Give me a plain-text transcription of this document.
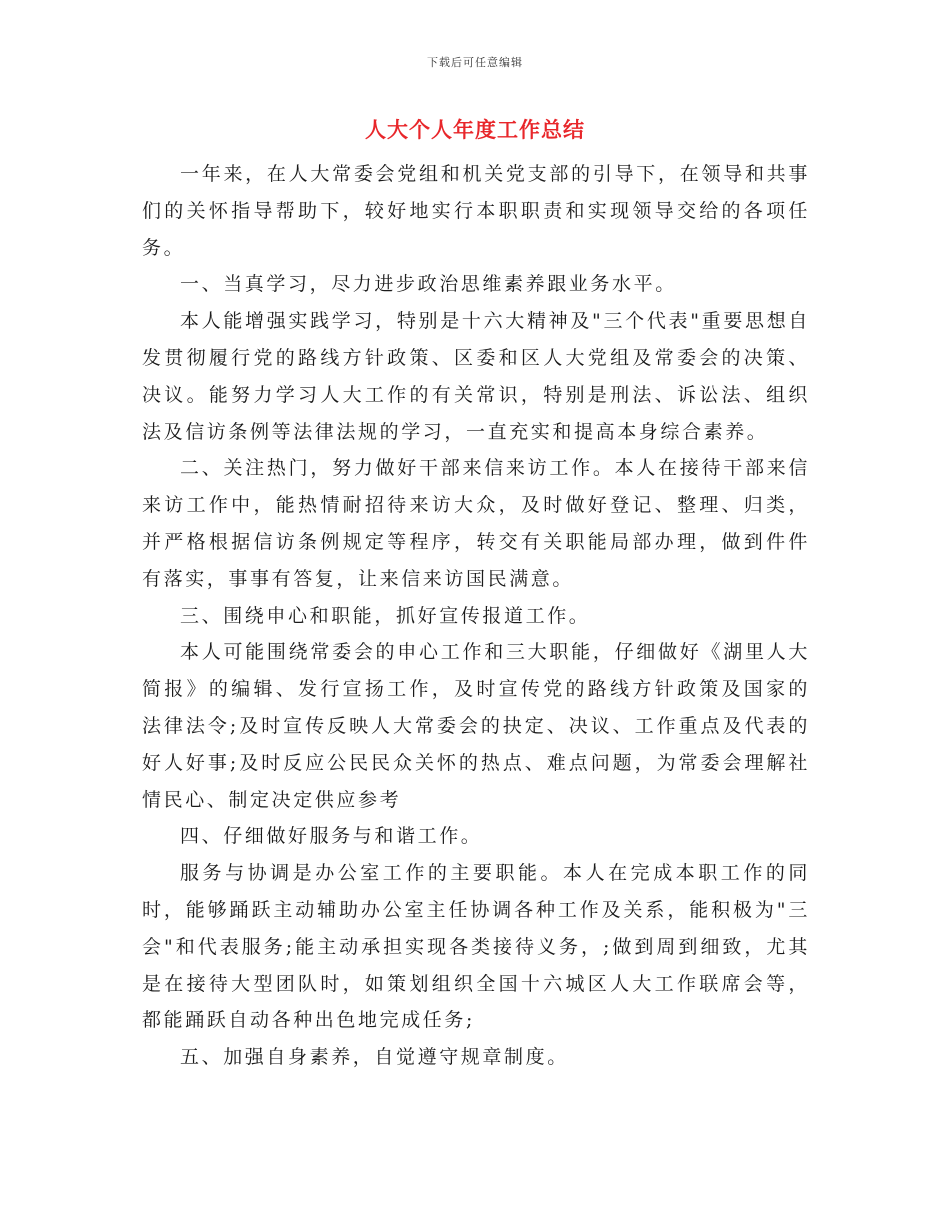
下载后可任意编辑
人大个人年度工作总结

一年来，在人大常委会党组和机关党支部的引导下，在领导和共事们的关怀指导帮助下，较好地实行本职职责和实现领导交给的各项任务。

一、当真学习，尽力进步政治思维素养跟业务水平。

本人能增强实践学习，特别是十六大精神及"三个代表"重要思想自发贯彻履行党的路线方针政策、区委和区人大党组及常委会的决策、决议。能努力学习人大工作的有关常识，特别是刑法、诉讼法、组织法及信访条例等法律法规的学习，一直充实和提高本身综合素养。

二、关注热门，努力做好干部来信来访工作。本人在接待干部来信来访工作中，能热情耐招待来访大众，及时做好登记、整理、归类，并严格根据信访条例规定等程序，转交有关职能局部办理，做到件件有落实，事事有答复，让来信来访国民满意。

三、围绕申心和职能，抓好宣传报道工作。

本人可能围绕常委会的申心工作和三大职能，仔细做好《湖里人大简报》的编辑、发行宣扬工作，及时宣传党的路线方针政策及国家的法律法令;及时宣传反映人大常委会的抉定、决议、工作重点及代表的好人好事;及时反应公民民众关怀的热点、难点问题，为常委会理解社情民心、制定决定供应参考

四、仔细做好服务与和谐工作。

服务与协调是办公室工作的主要职能。本人在完成本职工作的同时，能够踊跃主动辅助办公室主任协调各种工作及关系，能积极为"三会"和代表服务;能主动承担实现各类接待义务，;做到周到细致，尤其是在接待大型团队时，如策划组织全国十六城区人大工作联席会等，都能踊跃自动各种出色地完成任务;

五、加强自身素养，自觉遵守规章制度。
